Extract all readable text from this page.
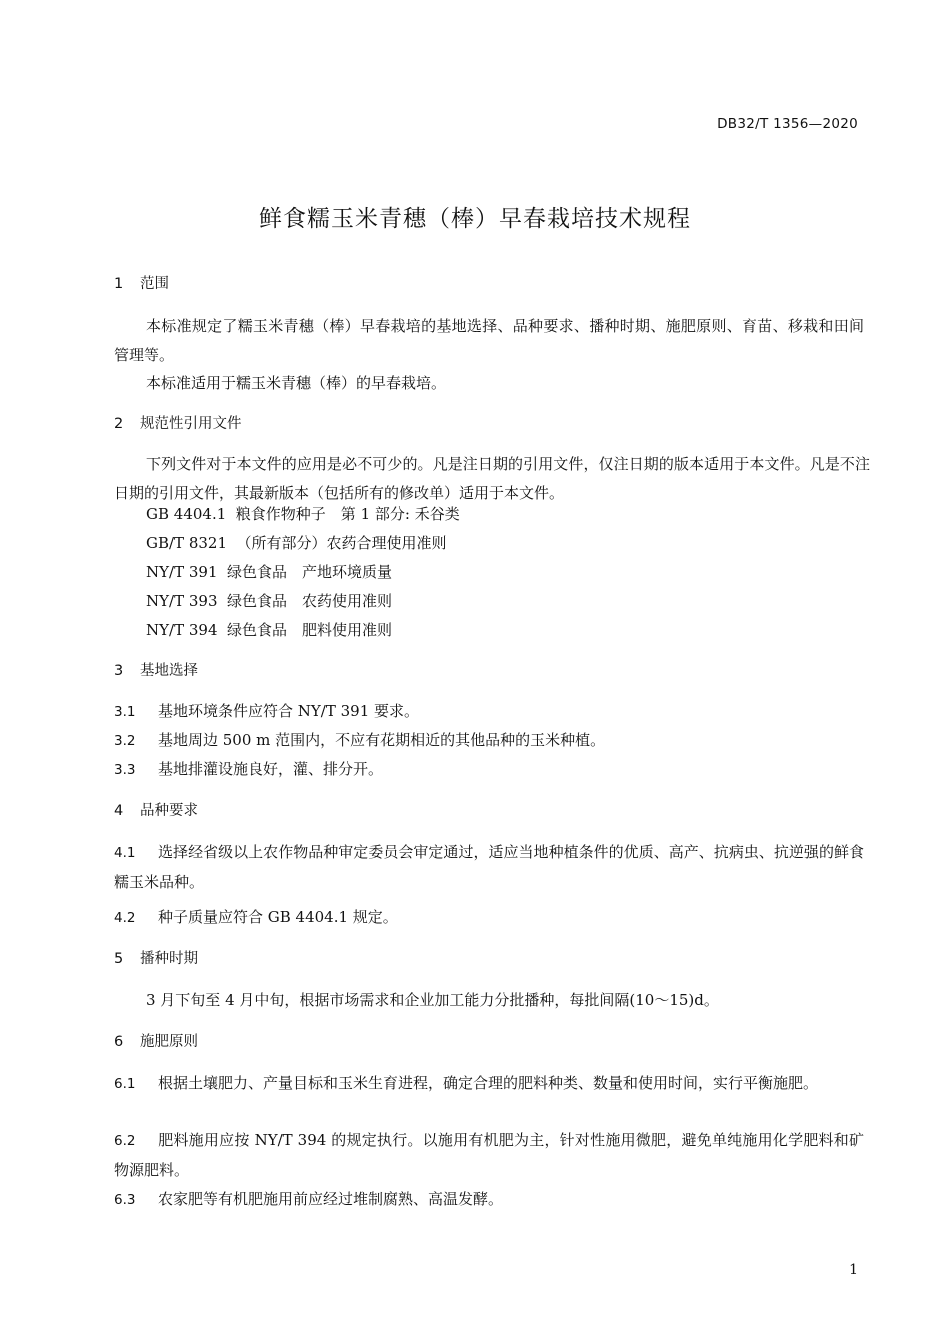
DB32/T 1356—2020
鲜食糯玉米青穗（棒）早春栽培技术规程
1 范围
本标准规定了糯玉米青穗（棒）早春栽培的基地选择、品种要求、播种时期、施肥原则、育苗、移栽和田间管理等。
本标准适用于糯玉米青穗（棒）的早春栽培。
2 规范性引用文件
下列文件对于本文件的应用是必不可少的。凡是注日期的引用文件，仅注日期的版本适用于本文件。凡是不注日期的引用文件，其最新版本（包括所有的修改单）适用于本文件。
GB 4404.1  粮食作物种子　第 1 部分: 禾谷类
GB/T 8321  （所有部分）农药合理使用准则
NY/T 391  绿色食品　产地环境质量
NY/T 393  绿色食品　农药使用准则
NY/T 394  绿色食品　肥料使用准则
3 基地选择
3.1 基地环境条件应符合 NY/T 391 要求。
3.2 基地周边 500 m 范围内，不应有花期相近的其他品种的玉米种植。
3.3 基地排灌设施良好，灌、排分开。
4 品种要求
4.1 选择经省级以上农作物品种审定委员会审定通过，适应当地种植条件的优质、高产、抗病虫、抗逆强的鲜食糯玉米品种。
4.2 种子质量应符合 GB 4404.1 规定。
5 播种时期
3 月下旬至 4 月中旬，根据市场需求和企业加工能力分批播种，每批间隔(10～15)d。
6 施肥原则
6.1 根据土壤肥力、产量目标和玉米生育进程，确定合理的肥料种类、数量和使用时间，实行平衡施肥。
6.2 肥料施用应按 NY/T 394 的规定执行。以施用有机肥为主，针对性施用微肥，避免单纯施用化学肥料和矿物源肥料。
6.3 农家肥等有机肥施用前应经过堆制腐熟、高温发酵。
1
